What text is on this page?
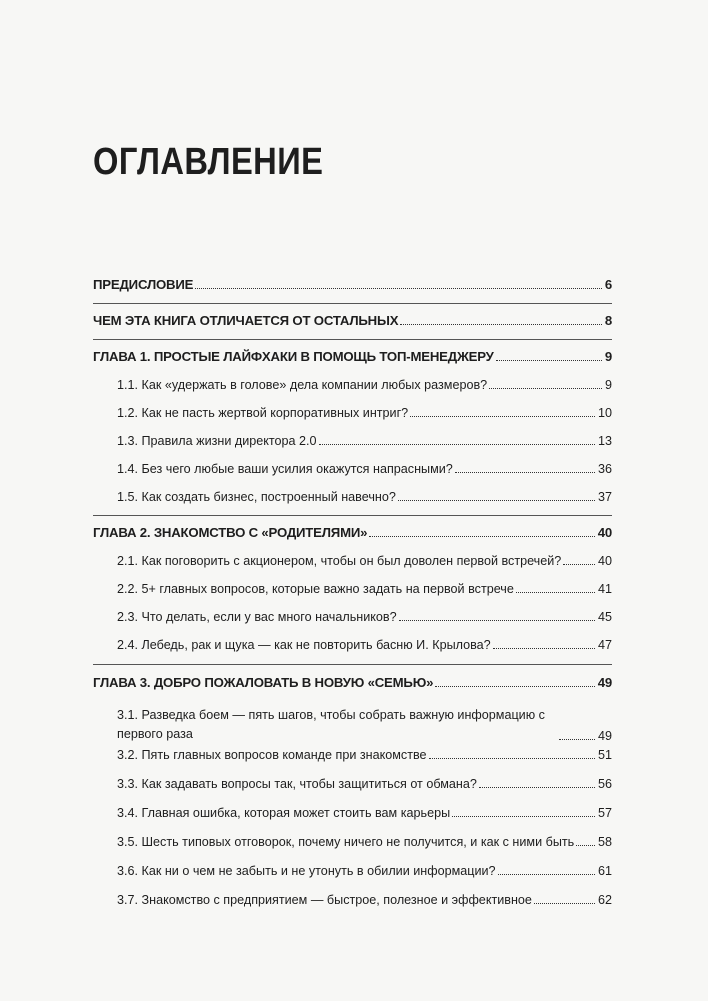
ОГЛАВЛЕНИЕ
ПРЕДИСЛОВИЕ	6
ЧЕМ ЭТА КНИГА ОТЛИЧАЕТСЯ ОТ ОСТАЛЬНЫХ	8
ГЛАВА 1. ПРОСТЫЕ ЛАЙФХАКИ В ПОМОЩЬ ТОП-МЕНЕДЖЕРУ	9
1.1. Как «удержать в голове» дела компании любых размеров?	9
1.2. Как не пасть жертвой корпоративных интриг?	10
1.3. Правила жизни директора 2.0	13
1.4. Без чего любые ваши усилия окажутся напрасными?	36
1.5. Как создать бизнес, построенный навечно?	37
ГЛАВА 2. ЗНАКОМСТВО С «РОДИТЕЛЯМИ»	40
2.1. Как поговорить с акционером, чтобы он был доволен первой встречей?	40
2.2. 5+ главных вопросов, которые важно задать на первой встрече	41
2.3. Что делать, если у вас много начальников?	45
2.4. Лебедь, рак и щука — как не повторить басню И. Крылова?	47
ГЛАВА 3. ДОБРО ПОЖАЛОВАТЬ В НОВУЮ «СЕМЬЮ»	49
3.1. Разведка боем — пять шагов, чтобы собрать важную информацию с первого раза	49
3.2. Пять главных вопросов команде при знакомстве	51
3.3. Как задавать вопросы так, чтобы защититься от обмана?	56
3.4. Главная ошибка, которая может стоить вам карьеры	57
3.5. Шесть типовых отговорок, почему ничего не получится, и как с ними быть 58
3.6. Как ни о чем не забыть и не утонуть в обилии информации?	61
3.7. Знакомство с предприятием — быстрое, полезное и эффективное	62
